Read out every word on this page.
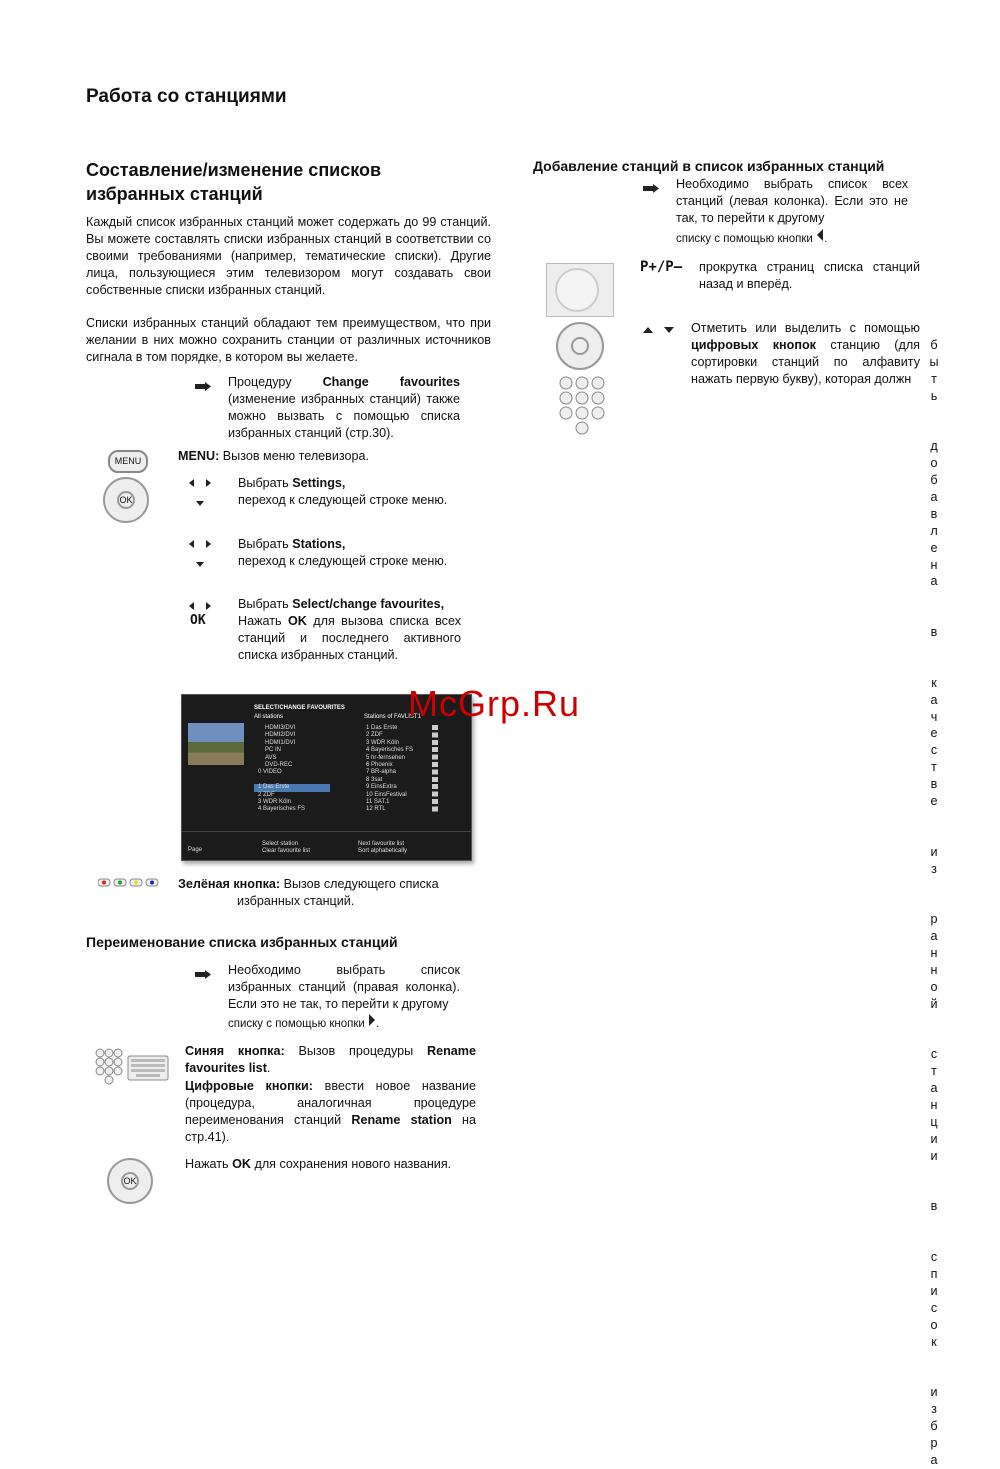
Работа со станциями
Составление/изменение списков избранных станций
Каждый список избранных станций может содержать до 99 станций. Вы можете составлять списки избранных станций в соответствии со своими требованиями (например, тематические списки). Другие лица, пользующиеся этим телевизором могут создавать свои собственные списки избранных станций.
Списки избранных станций обладают тем преимуществом, что при желании в них можно сохранить станции от различных источников сигнала в том порядке, в котором вы желаете.
Процедуру Change favourites (изменение избранных станций) также можно вызвать с помощью списка избранных станций (стр.30).
MENU	MENU: Вызов меню телевизора.
OK
Выбрать Settings,
переход к следующей строке меню.
Выбрать Stations,
переход к следующей строке меню.
OK
Выбрать Select/change favourites,
Нажать OK для вызова списка всех станций и последнего активного списка избранных станций.
SELECT/CHANGE FAVOURITES
All stations	Stations of FAVLIST1
HDMI3/DVI
HDMI2/DVI
HDMI1/DVI
PC IN
AVS
DVD-REC
0 VIDEO
1 Das Erste
2 ZDF
3 WDR Köln
4 Bayerisches FS
1 Das Erste
2 ZDF
3 WDR Köln
4 Bayerisches FS
5 hr-fernsehen
6 Phoenix
7 BR-alpha
8 3sat
9 EinsExtra
10 EinsFestival
11 SAT.1
12 RTL
Page
Select station
Clear favourite list
Next favourite list
Sort alphabetically
McGrp.Ru
Зелёная кнопка: Вызов следующего списка
избранных станций.
Переименование списка избранных станций
Необходимо выбрать список избранных станций (правая колонка). Если это не так, то перейти к другому
списку с помощью кнопки .
Синяя кнопка: Вызов процедуры Rename favourites list.
Цифровые кнопки: ввести новое название (процедура, аналогичная процедуре переименования станций Rename station на стр.41).
OK
Нажать OK для сохранения нового названия.
Добавление станций в список избранных станций
Необходимо выбрать список всех станций (левая колонка). Если это не так, то перейти к другому
списку с помощью кнопки .
P+/P– прокрутка страниц списка станций назад и вперёд.
Отметить или выделить с помощью цифровых кнопок станцию (для сортировки станций по алфавиту нажать первую букву), которая должн
б
ы
т
ь
д
о
б
а
в
л
е
н
а
в
к
а
ч
е
с
т
в
е
и
з
р
а
н
н
о
й
с
т
а
н
ц
и
и
в
с
п
и
с
о
к
и
з
б
р
а
